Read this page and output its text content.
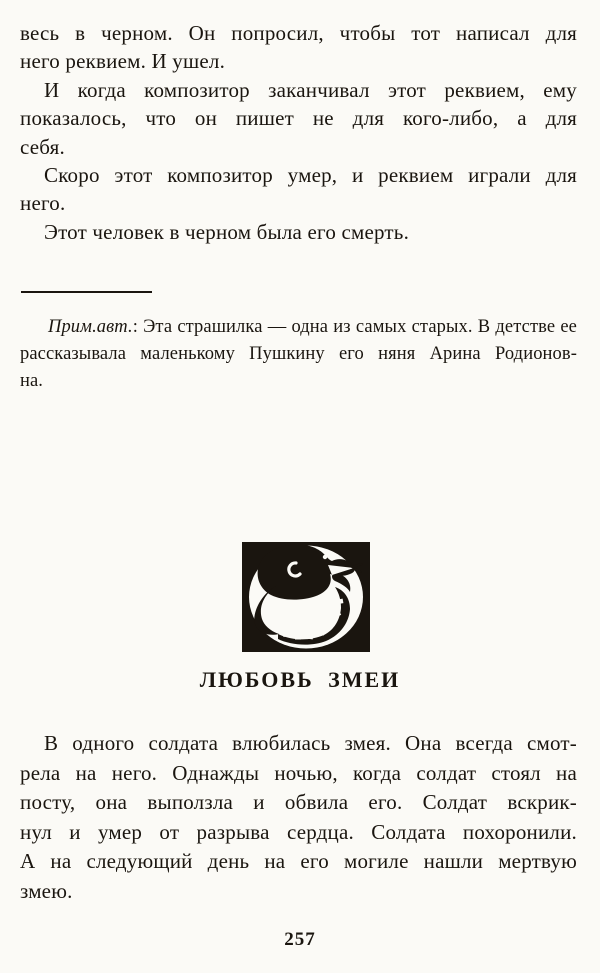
весь в черном. Он попросил, чтобы тот написал для
него реквием. И ушел.
И когда композитор заканчивал этот реквием, ему
показалось, что он пишет не для кого-либо, а для
себя.
Скоро этот композитор умер, и реквием играли для
него.
Этот человек в черном была его смерть.
Прим.авт.: Эта страшилка — одна из самых старых. В детстве ее
рассказывала маленькому Пушкину его няня Арина Родионов-
на.
ЛЮБОВЬ ЗМЕИ
В одного солдата влюбилась змея. Она всегда смот-
рела на него. Однажды ночью, когда солдат стоял на
посту, она выползла и обвила его. Солдат вскрик-
нул и умер от разрыва сердца. Солдата похоронили.
А на следующий день на его могиле нашли мертвую
змею.
257
